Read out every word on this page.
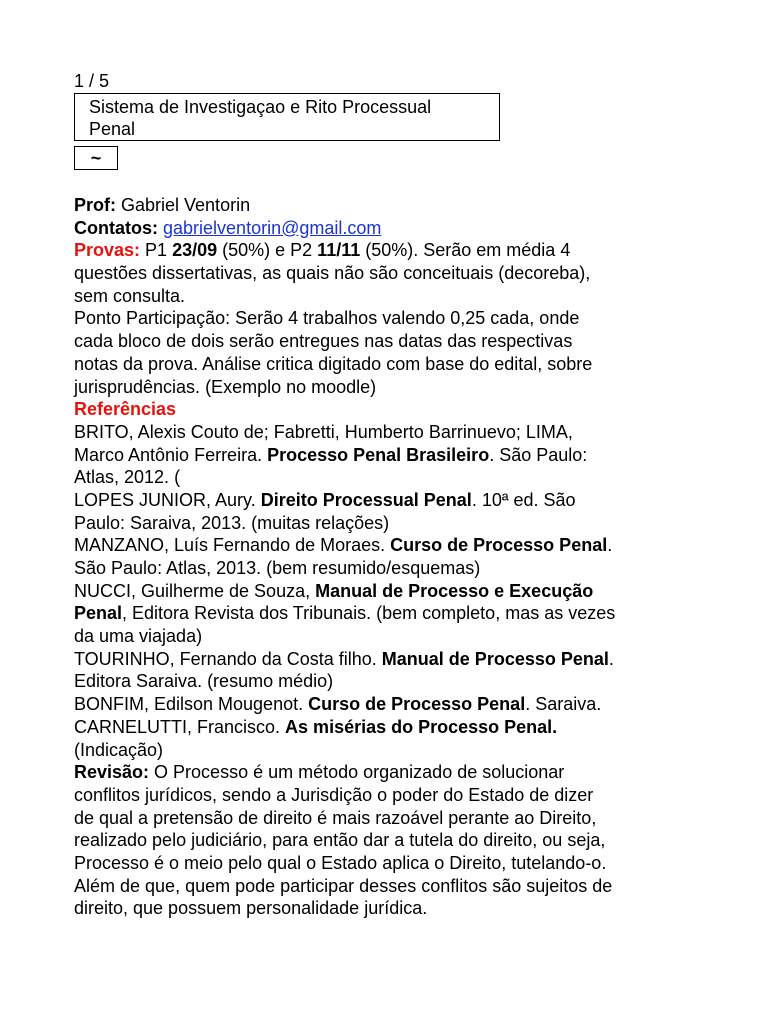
1 / 5
Sistema de Investigaçao e Rito Processual
Penal
~
Prof: Gabriel Ventorin
Contatos: gabrielventorin@gmail.com
Provas: P1 23/09 (50%) e P2 11/11 (50%). Serão em média 4
questões dissertativas, as quais não são conceituais (decoreba),
sem consulta.
Ponto Participação: Serão 4 trabalhos valendo 0,25 cada, onde
cada bloco de dois serão entregues nas datas das respectivas
notas da prova. Análise critica digitado com base do edital, sobre
jurisprudências. (Exemplo no moodle)
Referências
BRITO, Alexis Couto de; Fabretti, Humberto Barrinuevo; LIMA,
Marco Antônio Ferreira. Processo Penal Brasileiro. São Paulo:
Atlas, 2012. (
LOPES JUNIOR, Aury. Direito Processual Penal. 10ª ed. São
Paulo: Saraiva, 2013. (muitas relações)
MANZANO, Luís Fernando de Moraes. Curso de Processo Penal.
São Paulo: Atlas, 2013. (bem resumido/esquemas)
NUCCI, Guilherme de Souza, Manual de Processo e Execução
Penal, Editora Revista dos Tribunais. (bem completo, mas as vezes
da uma viajada)
TOURINHO, Fernando da Costa filho. Manual de Processo Penal.
Editora Saraiva. (resumo médio)
BONFIM, Edilson Mougenot. Curso de Processo Penal. Saraiva.
CARNELUTTI, Francisco. As misérias do Processo Penal.
(Indicação)
Revisão: O Processo é um método organizado de solucionar
conflitos jurídicos, sendo a Jurisdição o poder do Estado de dizer
de qual a pretensão de direito é mais razoável perante ao Direito,
realizado pelo judiciário, para então dar a tutela do direito, ou seja,
Processo é o meio pelo qual o Estado aplica o Direito, tutelando-o.
Além de que, quem pode participar desses conflitos são sujeitos de
direito, que possuem personalidade jurídica.
